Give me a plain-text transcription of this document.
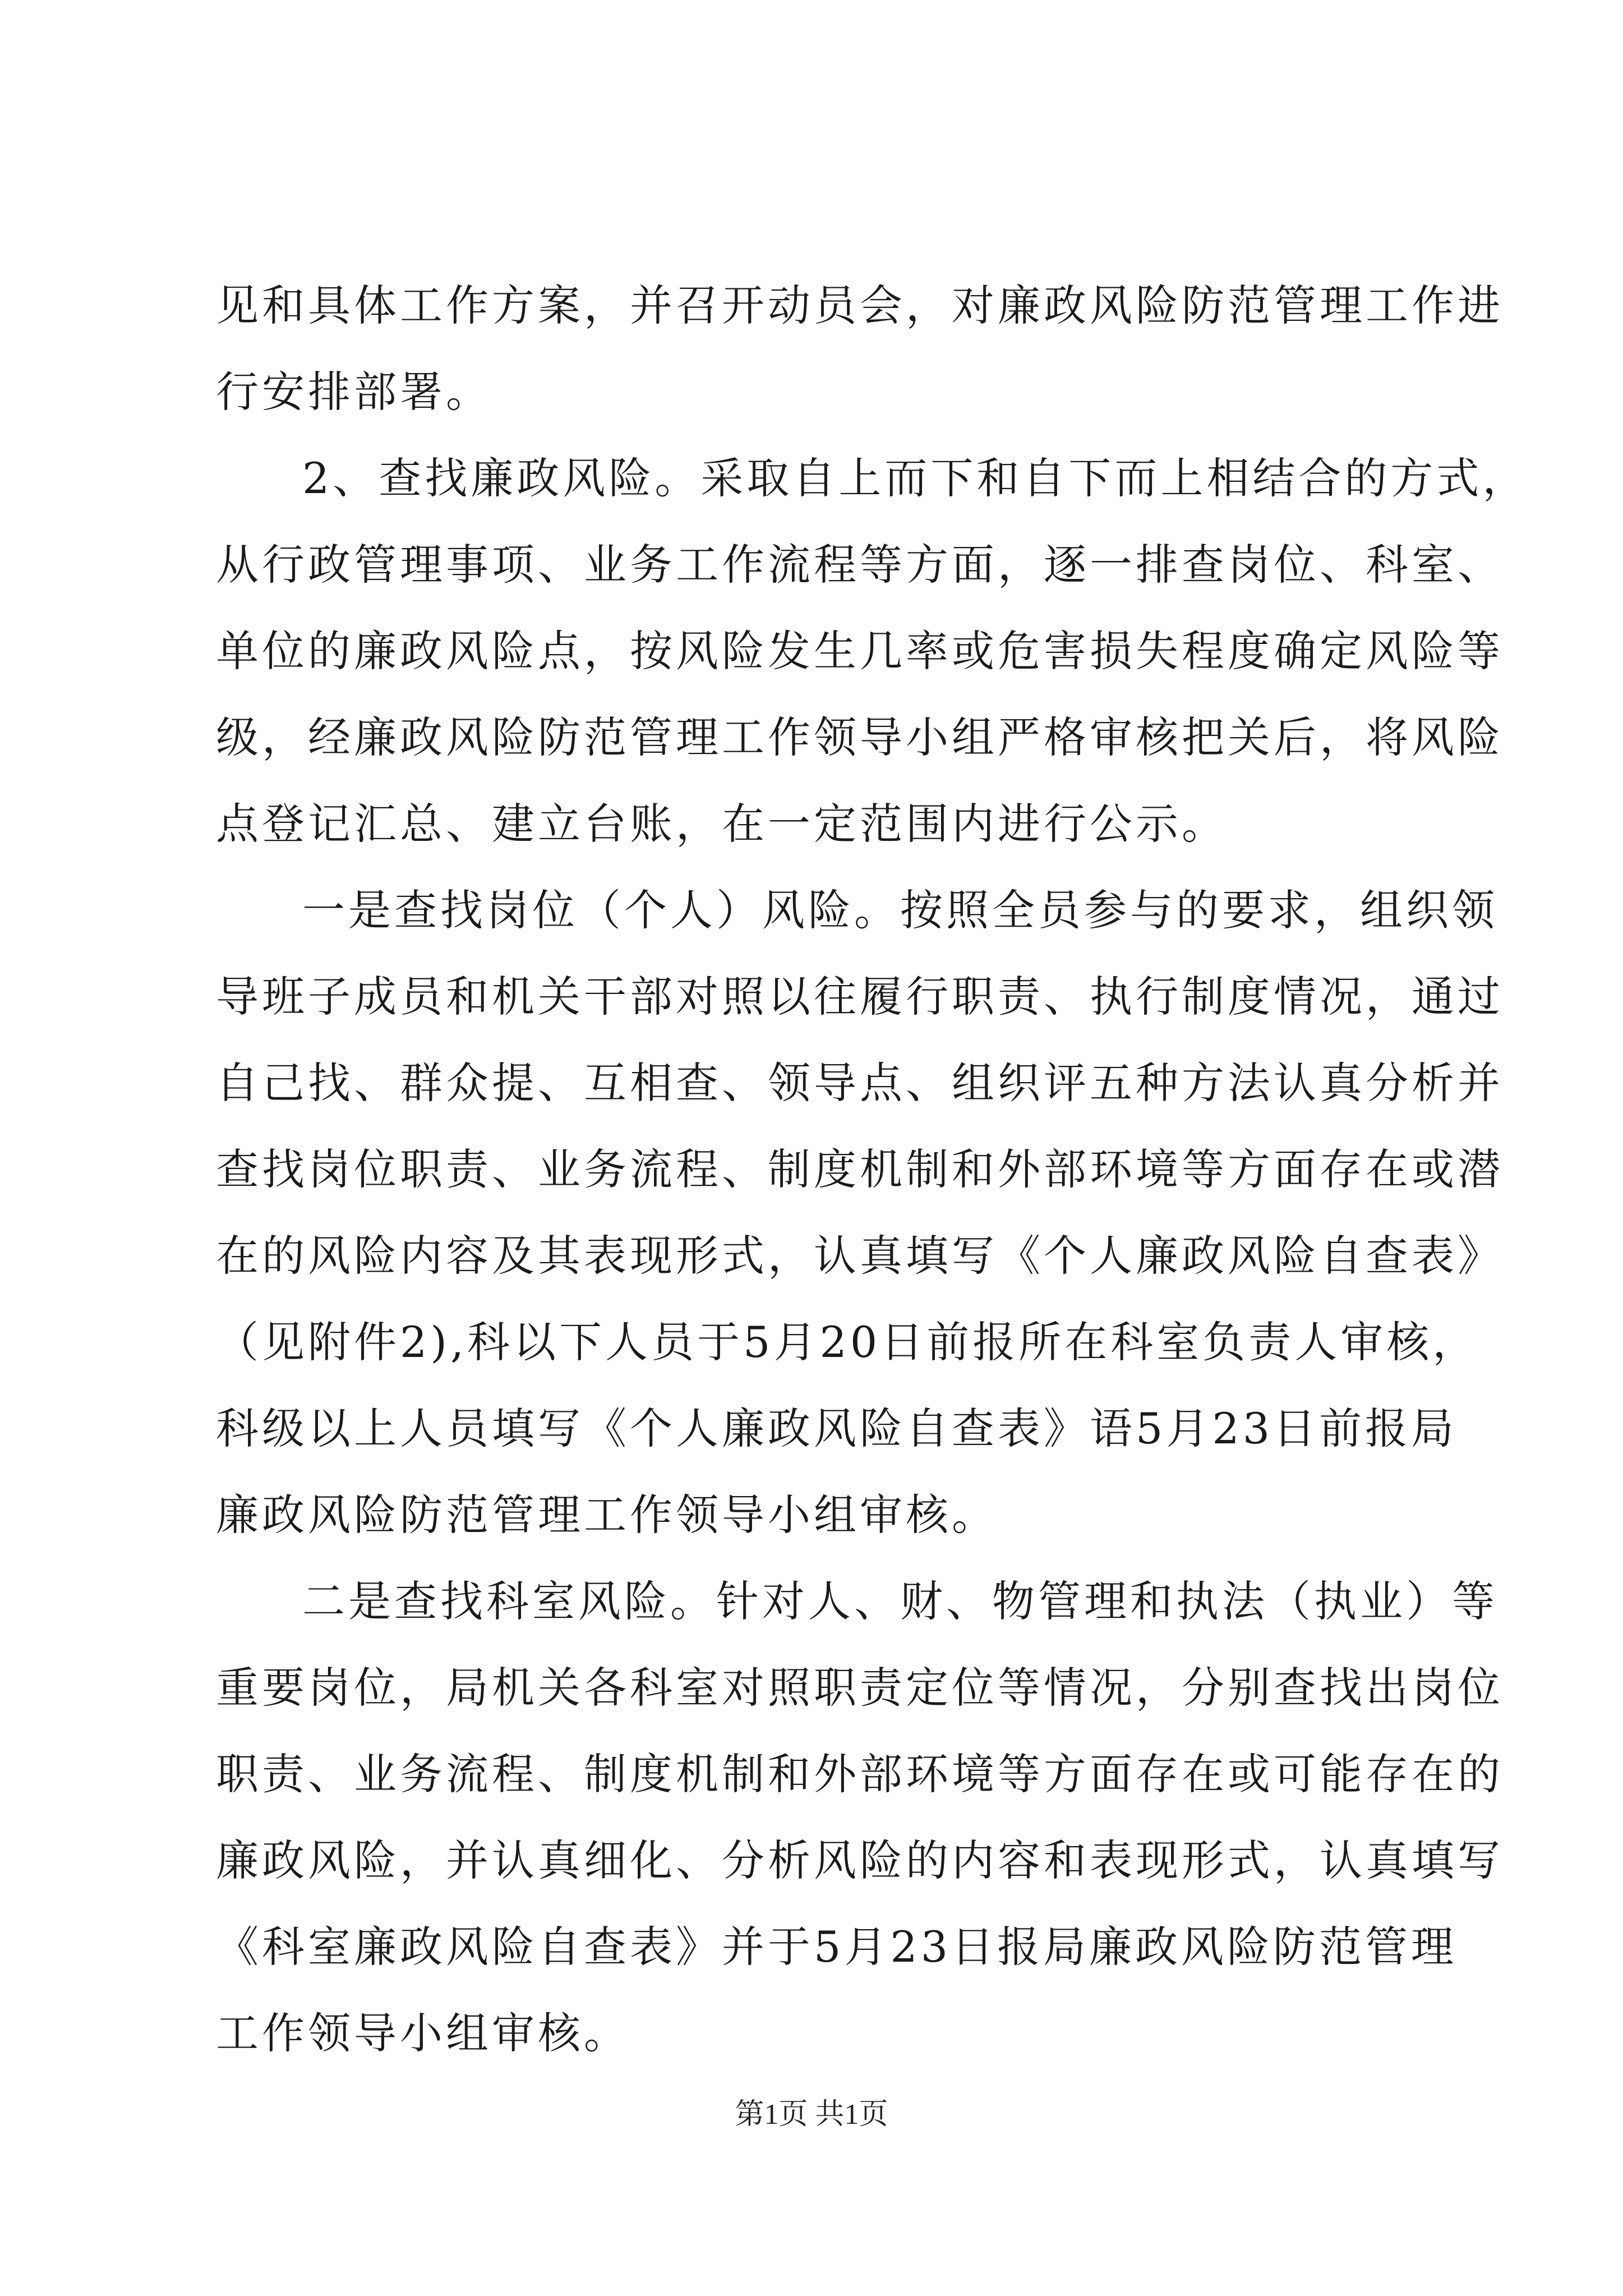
见和具体工作方案，并召开动员会，对廉政风险防范管理工作进
行安排部署。
2、查找廉政风险。采取自上而下和自下而上相结合的方式，
从行政管理事项、业务工作流程等方面，逐一排查岗位、科室、
单位的廉政风险点，按风险发生几率或危害损失程度确定风险等
级，经廉政风险防范管理工作领导小组严格审核把关后，将风险
点登记汇总、建立台账，在一定范围内进行公示。
一是查找岗位（个人）风险。按照全员参与的要求，组织领
导班子成员和机关干部对照以往履行职责、执行制度情况，通过
自己找、群众提、互相查、领导点、组织评五种方法认真分析并
查找岗位职责、业务流程、制度机制和外部环境等方面存在或潜
在的风险内容及其表现形式，认真填写《个人廉政风险自查表》
（见附件2),科以下人员于5月20日前报所在科室负责人审核，
科级以上人员填写《个人廉政风险自查表》语5月23日前报局
廉政风险防范管理工作领导小组审核。
二是查找科室风险。针对人、财、物管理和执法（执业）等
重要岗位，局机关各科室对照职责定位等情况，分别查找出岗位
职责、业务流程、制度机制和外部环境等方面存在或可能存在的
廉政风险，并认真细化、分析风险的内容和表现形式，认真填写
《科室廉政风险自查表》并于5月23日报局廉政风险防范管理
工作领导小组审核。
第1页 共1页
